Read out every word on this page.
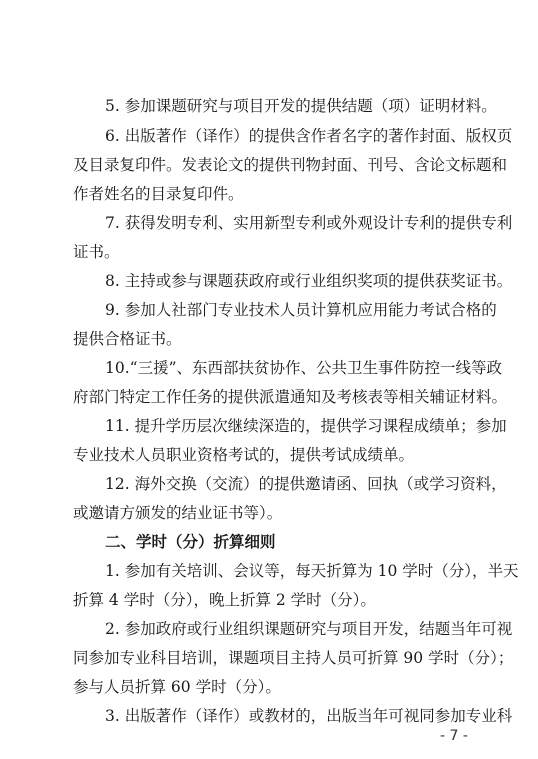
5. 参加课题研究与项目开发的提供结题（项）证明材料。
6. 出版著作（译作）的提供含作者名字的著作封面、版权页
及目录复印件。发表论文的提供刊物封面、刊号、含论文标题和
作者姓名的目录复印件。
7. 获得发明专利、实用新型专利或外观设计专利的提供专利
证书。
8. 主持或参与课题获政府或行业组织奖项的提供获奖证书。
9. 参加人社部门专业技术人员计算机应用能力考试合格的
提供合格证书。
10.“三援”、东西部扶贫协作、公共卫生事件防控一线等政
府部门特定工作任务的提供派遣通知及考核表等相关辅证材料。
11. 提升学历层次继续深造的，提供学习课程成绩单；参加
专业技术人员职业资格考试的，提供考试成绩单。
12. 海外交换（交流）的提供邀请函、回执（或学习资料，
或邀请方颁发的结业证书等）。
二、学时（分）折算细则
1. 参加有关培训、会议等，每天折算为 10 学时（分），半天
折算 4 学时（分），晚上折算 2 学时（分）。
2. 参加政府或行业组织课题研究与项目开发，结题当年可视
同参加专业科目培训，课题项目主持人员可折算 90 学时（分）；
参与人员折算 60 学时（分）。
3. 出版著作（译作）或教材的，出版当年可视同参加专业科
- 7 -
